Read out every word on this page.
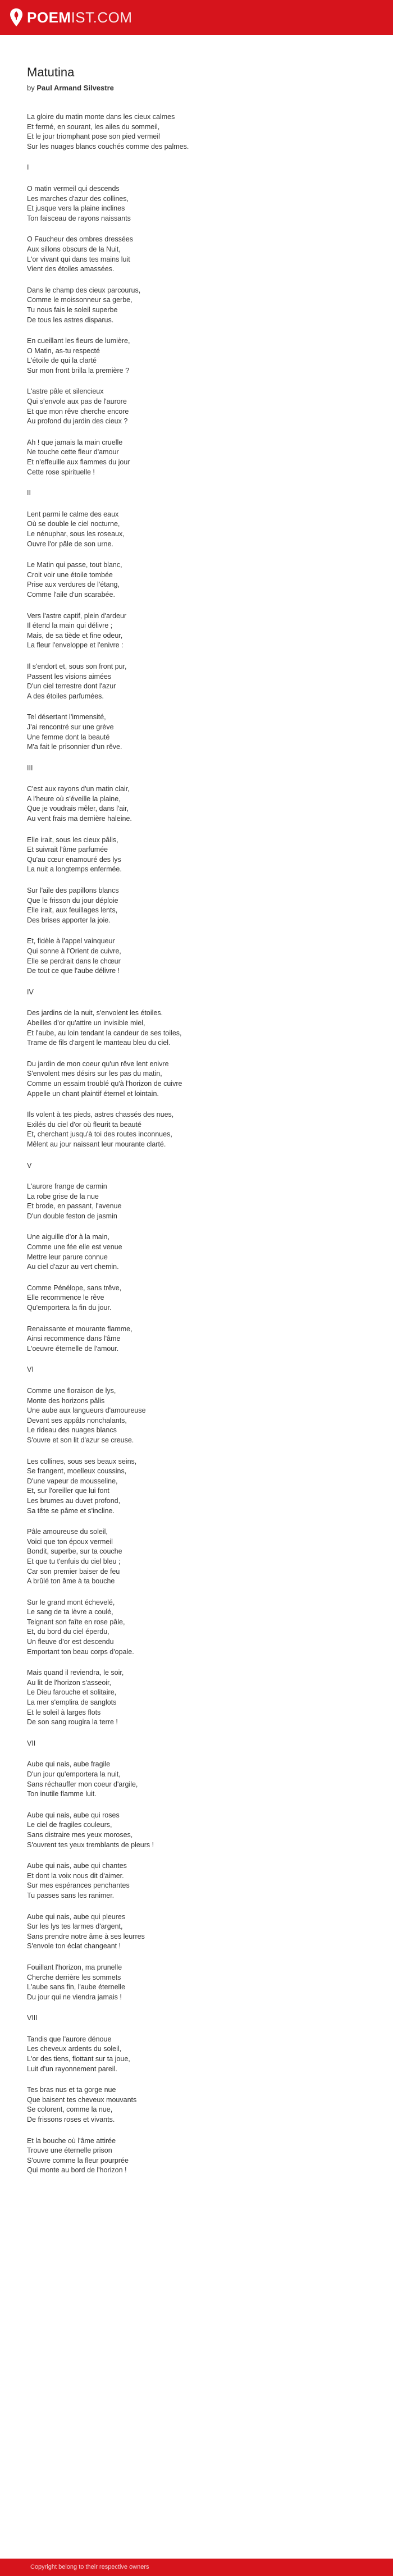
POEMIST.COM
Matutina
by Paul Armand Silvestre
La gloire du matin monte dans les cieux calmes
Et fermé, en sourant, les ailes du sommeil,
Et le jour triomphant pose son pied vermeil
Sur les nuages blancs couchés comme des palmes.
I
O matin vermeil qui descends
Les marches d'azur des collines,
Et jusque vers la plaine inclines
Ton faisceau de rayons naissants
O Faucheur des ombres dressées
Aux sillons obscurs de la Nuit,
L'or vivant qui dans tes mains luit
Vient des étoiles amassées.
Dans le champ des cieux parcourus,
Comme le moissonneur sa gerbe,
Tu nous fais le soleil superbe
De tous les astres disparus.
En cueillant les fleurs de lumière,
O Matin, as-tu respecté
L'étoile de qui la clarté
Sur mon front brilla la première ?
L'astre pâle et silencieux
Qui s'envole aux pas de l'aurore
Et que mon rêve cherche encore
Au profond du jardin des cieux ?
Ah ! que jamais la main cruelle
Ne touche cette fleur d'amour
Et n'effeuille aux flammes du jour
Cette rose spirituelle !
II
Lent parmi le calme des eaux
Où se double le ciel nocturne,
Le nénuphar, sous les roseaux,
Ouvre l'or pâle de son urne.
Le Matin qui passe, tout blanc,
Croit voir une étoile tombée
Prise aux verdures de l'étang,
Comme l'aile d'un scarabée.
Vers l'astre captif, plein d'ardeur
Il étend la main qui délivre ;
Mais, de sa tiède et fine odeur,
La fleur l'enveloppe et l'enivre :
Il s'endort et, sous son front pur,
Passent les visions aimées
D'un ciel terrestre dont l'azur
A des étoiles parfumées.
Tel désertant l'immensité,
J'ai rencontré sur une grève
Une femme dont la beauté
M'a fait le prisonnier d'un rêve.
III
C'est aux rayons d'un matin clair,
A l'heure où s'éveille la plaine,
Que je voudrais mêler, dans l'air,
Au vent frais ma dernière haleine.
Elle irait, sous les cieux pâlis,
Et suivrait l'âme parfumée
Qu'au cœur enamouré des lys
La nuit a longtemps enfermée.
Sur l'aile des papillons blancs
Que le frisson du jour déploie
Elle irait, aux feuillages lents,
Des brises apporter la joie.
Et, fidèle à l'appel vainqueur
Qui sonne à l'Orient de cuivre,
Elle se perdrait dans le chœur
De tout ce que l'aube délivre !
IV
Des jardins de la nuit, s'envolent les étoiles.
Abeilles d'or qu'attire un invisible miel,
Et l'aube, au loin tendant la candeur de ses toiles,
Trame de fils d'argent le manteau bleu du ciel.
Du jardin de mon coeur qu'un rêve lent enivre
S'envolent mes désirs sur les pas du matin,
Comme un essaim troublé qu'à l'horizon de cuivre
Appelle un chant plaintif éternel et lointain.
Ils volent à tes pieds, astres chassés des nues,
Exilés du ciel d'or où fleurit ta beauté
Et, cherchant jusqu'à toi des routes inconnues,
Mêlent au jour naissant leur mourante clarté.
V
L'aurore frange de carmin
La robe grise de la nue
Et brode, en passant, l'avenue
D'un double feston de jasmin
Une aiguille d'or à la main,
Comme une fée elle est venue
Mettre leur parure connue
Au ciel d'azur au vert chemin.
Comme Pénélope, sans trêve,
Elle recommence le rêve
Qu'emportera la fin du jour.
Renaissante et mourante flamme,
Ainsi recommence dans l'âme
L'oeuvre éternelle de l'amour.
VI
Comme une floraison de lys,
Monte des horizons pâlis
Une aube aux langueurs d'amoureuse
Devant ses appâts nonchalants,
Le rideau des nuages blancs
S'ouvre et son lit d'azur se creuse.
Les collines, sous ses beaux seins,
Se frangent, moelleux coussins,
D'une vapeur de mousseline,
Et, sur l'oreiller que lui font
Les brumes au duvet profond,
Sa tête se pâme et s'incline.
Pâle amoureuse du soleil,
Voici que ton époux vermeil
Bondit, superbe, sur ta couche
Et que tu t'enfuis du ciel bleu ;
Car son premier baiser de feu
A brûlé ton âme à ta bouche
Sur le grand mont échevelé,
Le sang de ta lèvre a coulé,
Teignant son faîte en rose pâle,
Et, du bord du ciel éperdu,
Un fleuve d'or est descendu
Emportant ton beau corps d'opale.
Mais quand il reviendra, le soir,
Au lit de l'horizon s'asseoir,
Le Dieu farouche et solitaire,
La mer s'emplira de sanglots
Et le soleil à larges flots
De son sang rougira la terre !
VII
Aube qui nais, aube fragile
D'un jour qu'emportera la nuit,
Sans réchauffer mon coeur d'argile,
Ton inutile flamme luit.
Aube qui nais, aube qui roses
Le ciel de fragiles couleurs,
Sans distraire mes yeux moroses,
S'ouvrent tes yeux tremblants de pleurs !
Aube qui nais, aube qui chantes
Et dont la voix nous dit d'aimer.
Sur mes espérances penchantes
Tu passes sans les ranimer.
Aube qui nais, aube qui pleures
Sur les lys tes larmes d'argent,
Sans prendre notre âme à ses leurres
S'envole ton éclat changeant !
Fouillant l'horizon, ma prunelle
Cherche derrière les sommets
L'aube sans fin, l'aube éternelle
Du jour qui ne viendra jamais !
VIII
Tandis que l'aurore dénoue
Les cheveux ardents du soleil,
L'or des tiens, flottant sur ta joue,
Luit d'un rayonnement pareil.
Tes bras nus et ta gorge nue
Que baisent tes cheveux mouvants
Se colorent, comme la nue,
De frissons roses et vivants.
Et la bouche où l'âme attirée
Trouve une éternelle prison
S'ouvre comme la fleur pourprée
Qui monte au bord de l'horizon !
Copyright belong to their respective owners
